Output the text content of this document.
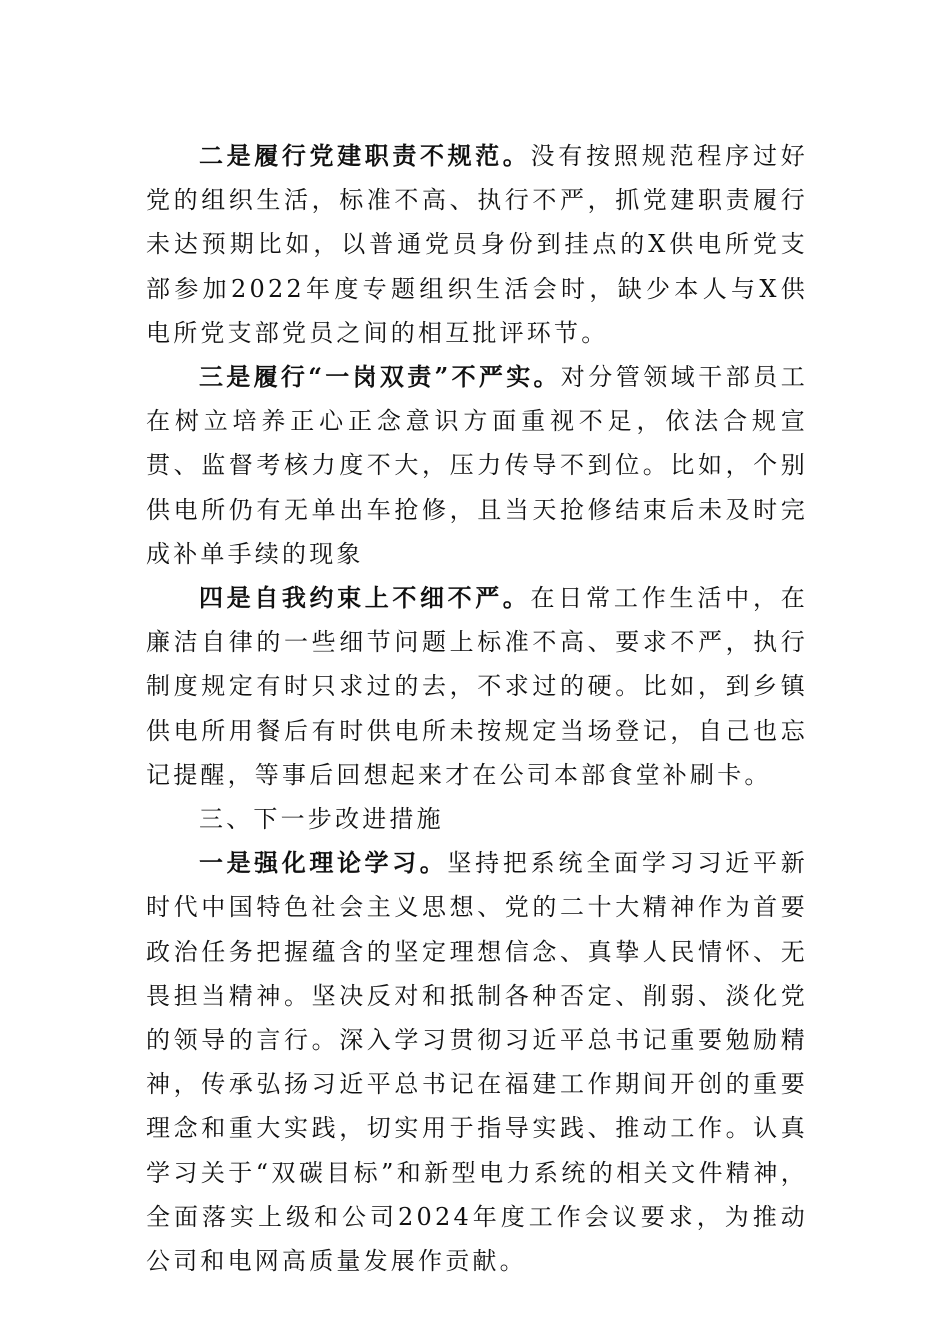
二是履行党建职责不规范。没有按照规范程序过好党的组织生活，标准不高、执行不严，抓党建职责履行未达预期比如，以普通党员身份到挂点的X供电所党支部参加2022年度专题组织生活会时，缺少本人与X供电所党支部党员之间的相互批评环节。

三是履行“一岗双责”不严实。对分管领域干部员工在树立培养正心正念意识方面重视不足，依法合规宣贯、监督考核力度不大，压力传导不到位。比如，个别供电所仍有无单出车抢修，且当天抢修结束后未及时完成补单手续的现象

四是自我约束上不细不严。在日常工作生活中，在廉洁自律的一些细节问题上标准不高、要求不严，执行制度规定有时只求过的去，不求过的硬。比如，到乡镇供电所用餐后有时供电所未按规定当场登记，自己也忘记提醒，等事后回想起来才在公司本部食堂补刷卡。

三、下一步改进措施

一是强化理论学习。坚持把系统全面学习习近平新时代中国特色社会主义思想、党的二十大精神作为首要政治任务把握蕴含的坚定理想信念、真挚人民情怀、无畏担当精神。坚决反对和抵制各种否定、削弱、淡化党的领导的言行。深入学习贯彻习近平总书记重要勉励精神，传承弘扬习近平总书记在福建工作期间开创的重要理念和重大实践，切实用于指导实践、推动工作。认真学习关于“双碳目标”和新型电力系统的相关文件精神，全面落实上级和公司2024年度工作会议要求，为推动公司和电网高质量发展作贡献。
